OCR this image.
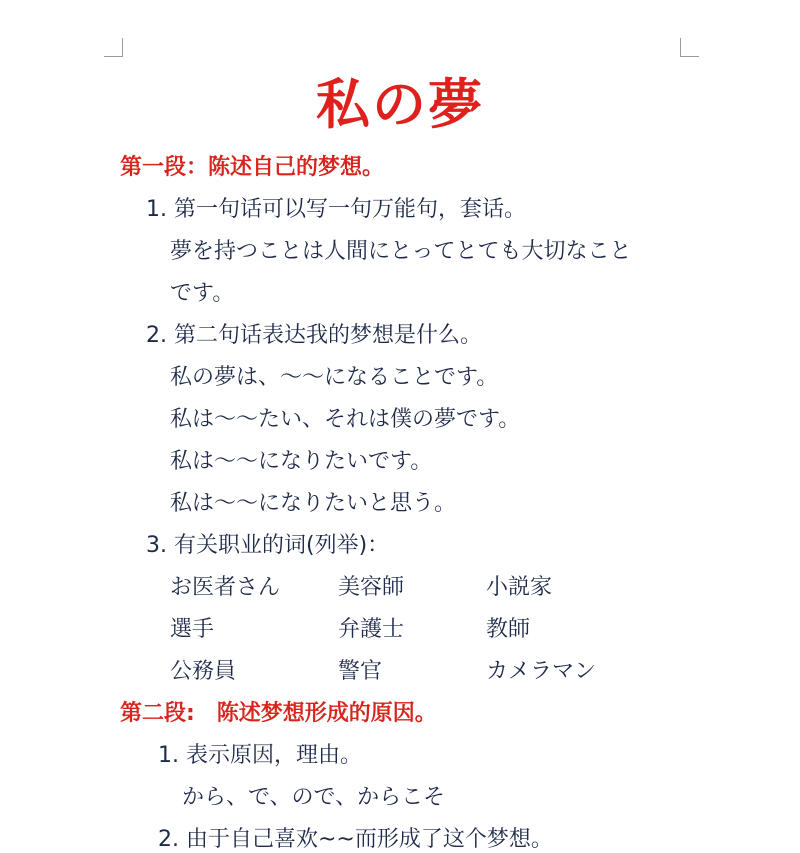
私の夢
第一段：陈述自己的梦想。
1. 第一句话可以写一句万能句，套话。
夢を持つことは人間にとってとても大切なこと
です。
2. 第二句话表达我的梦想是什么。
私の夢は、～～になることです。
私は～～たい、それは僕の夢です。
私は～～になりたいです。
私は～～になりたいと思う。
3. 有关职业的词(列举)：
お医者さん	美容師	小説家
選手	弁護士	教師
公務員	警官	カメラマン
第二段:　陈述梦想形成的原因。
1. 表示原因，理由。
から、で、ので、からこそ
2. 由于自己喜欢~~而形成了这个梦想。
